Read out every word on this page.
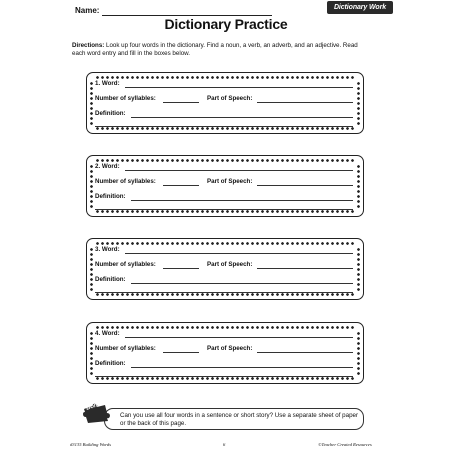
Name:	Dictionary Work
Dictionary Practice
Directions: Look up four words in the dictionary. Find a noun, a verb, an adverb, and an adjective. Read each word entry and fill in the boxes below.
1. Word:
Number of syllables:	Part of Speech:
Definition:
2. Word:
Number of syllables:	Part of Speech:
Definition:
3. Word:
Number of syllables:	Part of Speech:
Definition:
4. Word:
Number of syllables:	Part of Speech:
Definition:
Bonus
Can you use all four words in a sentence or short story? Use a separate sheet of paper or the back of this page.
#3135 Building Words	6	©Teacher Created Resources
